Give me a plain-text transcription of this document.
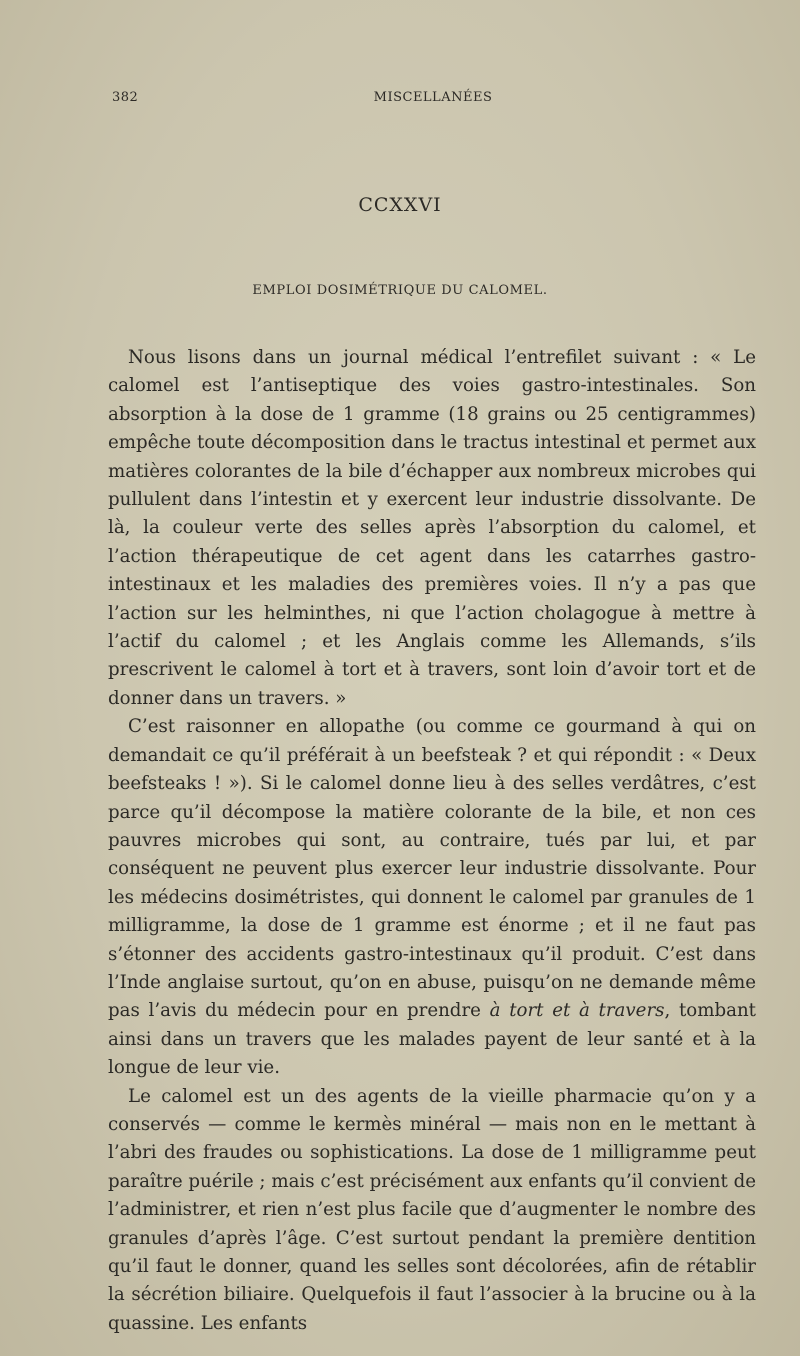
382	MISCELLANÉES
CCXXVI
EMPLOI DOSIMÉTRIQUE DU CALOMEL.

Nous lisons dans un journal médical l’entrefilet suivant : « Le calomel est l’antiseptique des voies gastro-intestinales. Son absorption à la dose de 1 gramme (18 grains ou 25 centigrammes) empêche toute décomposition dans le tractus intestinal et permet aux matières colorantes de la bile d’échapper aux nombreux microbes qui pullulent dans l’intestin et y exercent leur industrie dissolvante. De là, la couleur verte des selles après l’absorption du calomel, et l’action thérapeutique de cet agent dans les catarrhes gastro-intestinaux et les maladies des premières voies. Il n’y a pas que l’action sur les helminthes, ni que l’action cholagogue à mettre à l’actif du calomel ; et les Anglais comme les Allemands, s’ils prescrivent le calomel à tort et à travers, sont loin d’avoir tort et de donner dans un travers. »

C’est raisonner en allopathe (ou comme ce gourmand à qui on demandait ce qu’il préférait à un beefsteak ? et qui répondit : « Deux beefsteaks ! »). Si le calomel donne lieu à des selles verdâtres, c’est parce qu’il décompose la matière colorante de la bile, et non ces pauvres microbes qui sont, au contraire, tués par lui, et par conséquent ne peuvent plus exercer leur industrie dissolvante. Pour les médecins dosimétristes, qui donnent le calomel par granules de 1 milligramme, la dose de 1 gramme est énorme ; et il ne faut pas s’étonner des accidents gastro-intestinaux qu’il produit. C’est dans l’Inde anglaise surtout, qu’on en abuse, puisqu’on ne demande même pas l’avis du médecin pour en prendre à tort et à travers, tombant ainsi dans un travers que les malades payent de leur santé et à la longue de leur vie.

Le calomel est un des agents de la vieille pharmacie qu’on y a conservés — comme le kermès minéral — mais non en le mettant à l’abri des fraudes ou sophistications. La dose de 1 milligramme peut paraître puérile ; mais c’est précisément aux enfants qu’il convient de l’administrer, et rien n’est plus facile que d’augmenter le nombre des granules d’après l’âge. C’est surtout pendant la première dentition qu’il faut le donner, quand les selles sont décolorées, afin de rétablir la sécrétion biliaire. Quelquefois il faut l’associer à la brucine ou à la quassine. Les enfants
